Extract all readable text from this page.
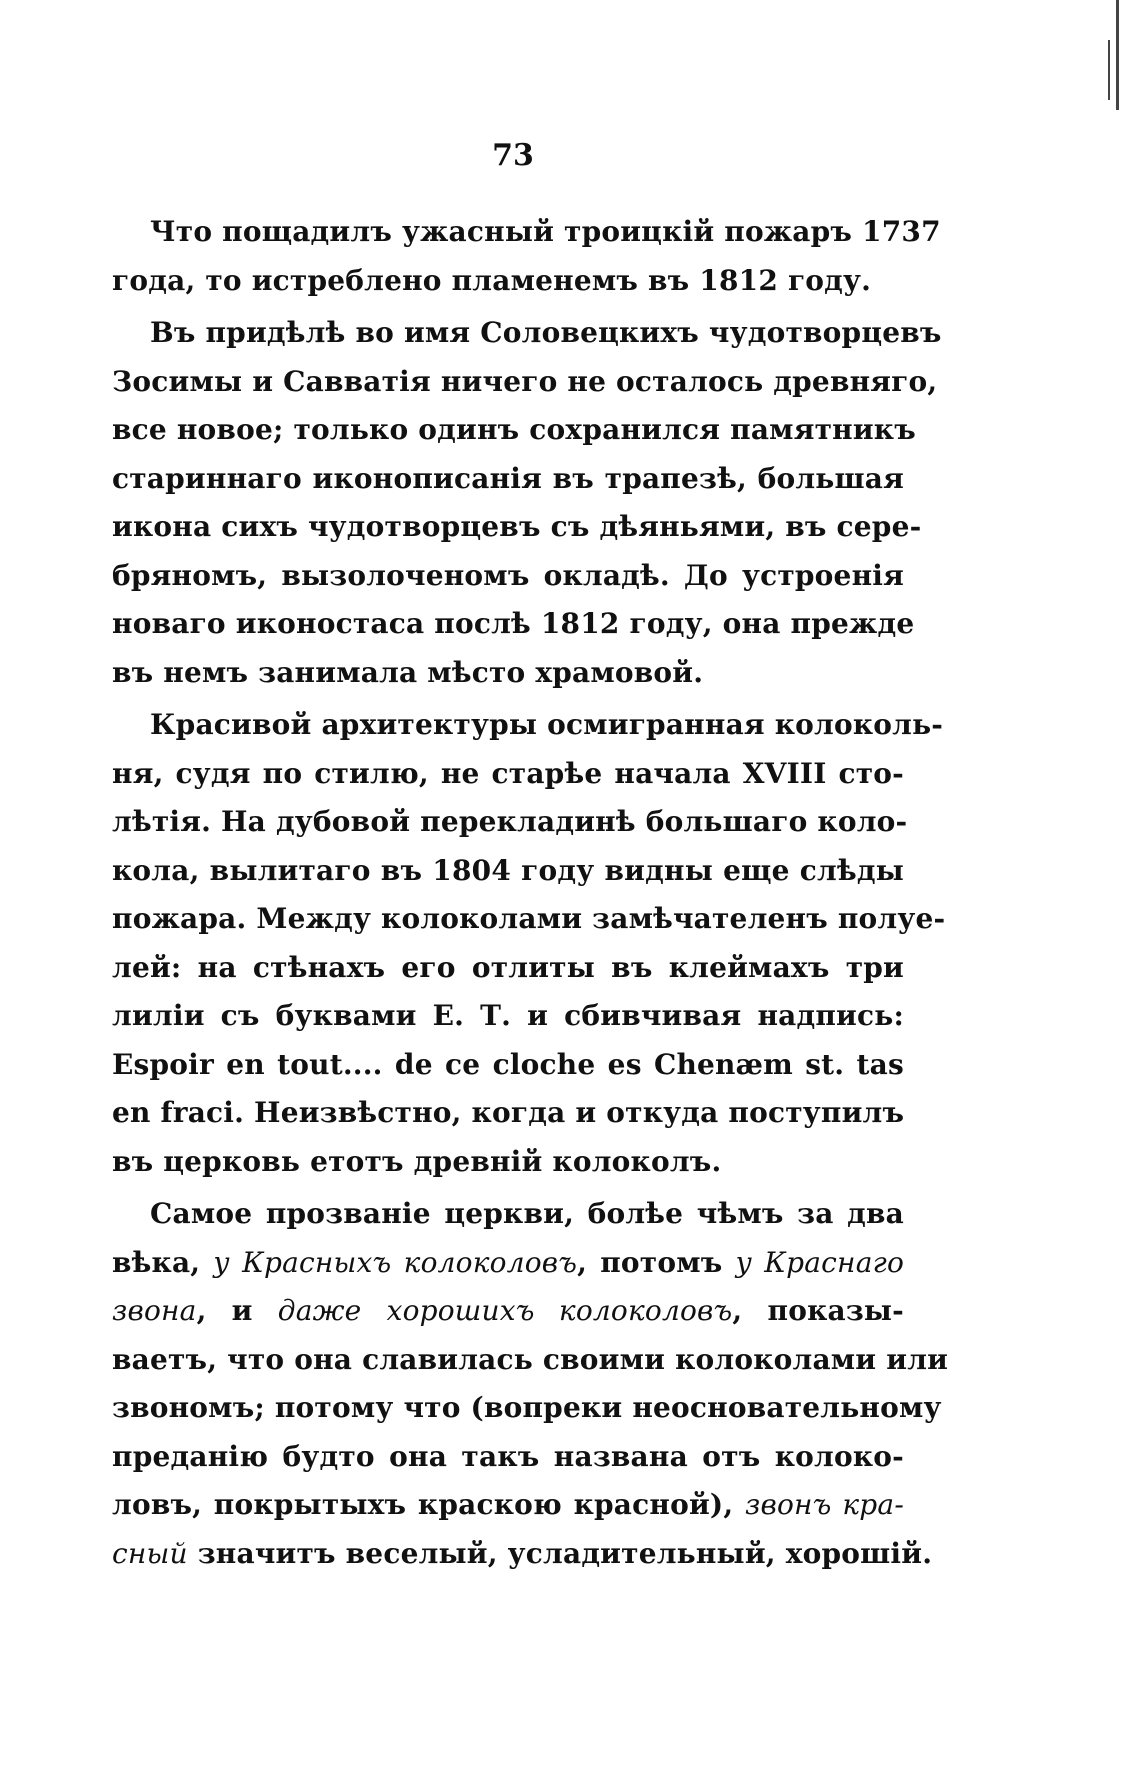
73
Что пощадилъ ужасный троицкій пожаръ 1737
года, то истреблено пламенемъ въ 1812 году.
Въ придѣлѣ во имя Соловецкихъ чудотворцевъ
Зосимы и Савватія ничего не осталось древняго,
все новое; только одинъ сохранился памятникъ
стариннаго иконописанія въ трапезѣ, большая
икона сихъ чудотворцевъ съ дѣяньями, въ сере-
бряномъ, вызолоченомъ окладѣ. До устроенія
новаго иконостаса послѣ 1812 году, она прежде
въ немъ занимала мѣсто храмовой.
Красивой архитектуры осмигранная колоколь-
ня, судя по стилю, не старѣе начала XVIII сто-
лѣтія. На дубовой перекладинѣ большаго коло-
кола, вылитаго въ 1804 году видны еще слѣды
пожара. Между колоколами замѣчателенъ полуе-
лей: на стѣнахъ его отлиты въ клеймахъ три
лиліи съ буквами Е. Т. и сбивчивая надпись:
Espoir en tout.... de ce cloche es Chenæm st. tas
en fraci. Неизвѣстно, когда и откуда поступилъ
въ церковь етотъ древній колоколъ.
Самое прозваніе церкви, болѣе чѣмъ за два
вѣка, у Красныхъ колоколовъ, потомъ у Краснаго
звона, и даже хорошихъ колоколовъ, показы-
ваетъ, что она славилась своими колоколами или
звономъ; потому что (вопреки неосновательному
преданію будто она такъ названа отъ колоко-
ловъ, покрытыхъ краскою красной), звонъ кра-
сный значитъ веселый, усладительный, хорошій.
